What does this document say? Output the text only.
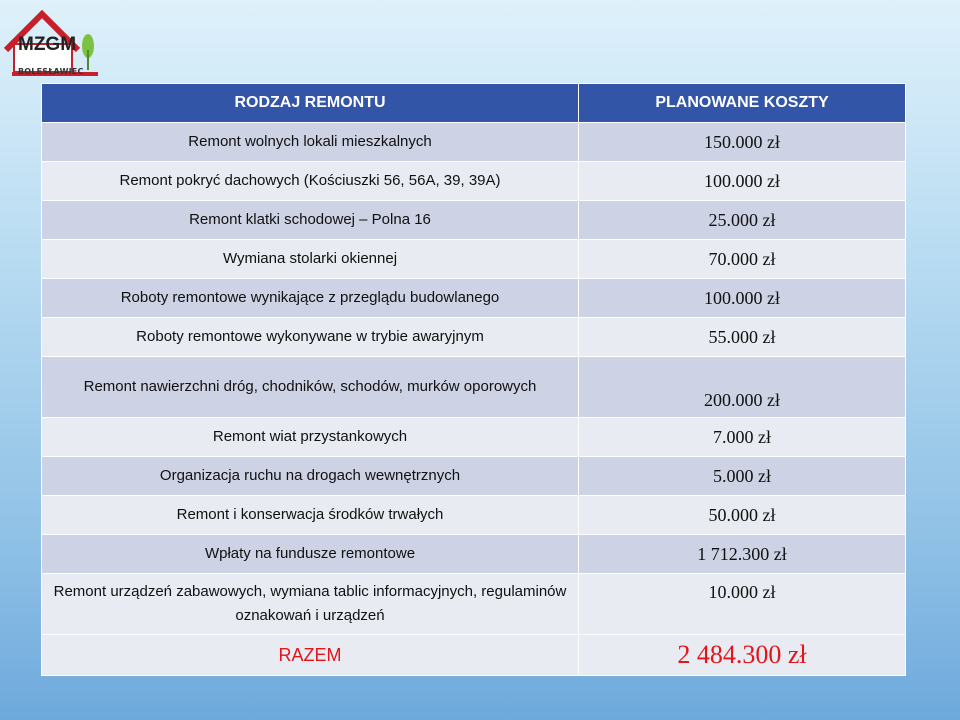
MZGM
BOLESŁAWIEC
RODZAJ REMONTU	PLANOWANE KOSZTY
Remont wolnych lokali mieszkalnych	150.000 zł
Remont pokryć dachowych (Kościuszki 56, 56A, 39, 39A)	100.000 zł
Remont klatki schodowej – Polna 16	25.000 zł
Wymiana stolarki okiennej	70.000 zł
Roboty remontowe wynikające z przeglądu budowlanego	100.000 zł
Roboty remontowe wykonywane w trybie awaryjnym	55.000 zł
Remont nawierzchni dróg, chodników, schodów, murków oporowych	200.000 zł
Remont wiat przystankowych	7.000 zł
Organizacja ruchu na drogach wewnętrznych	5.000 zł
Remont i konserwacja środków trwałych	50.000 zł
Wpłaty na fundusze remontowe	1 712.300 zł
Remont urządzeń zabawowych, wymiana tablic informacyjnych, regulaminów oznakowań i urządzeń	10.000 zł
RAZEM	2 484.300 zł
